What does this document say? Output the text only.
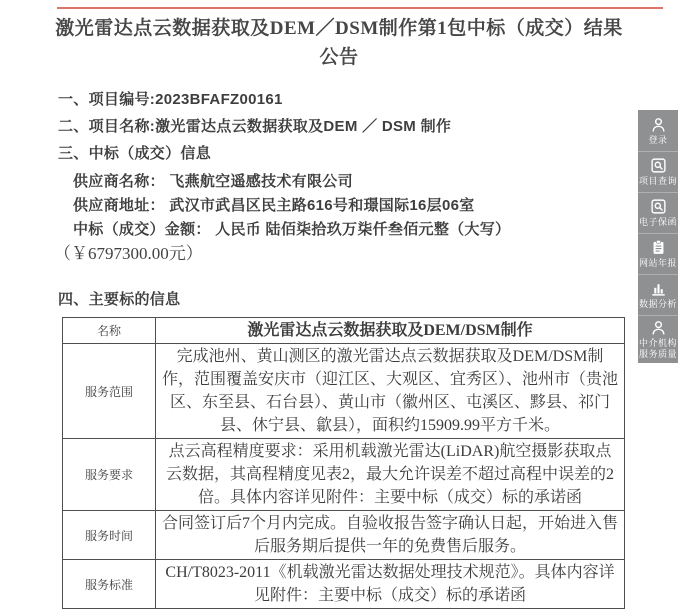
激光雷达点云数据获取及DEM／DSM制作第1包中标（成交）结果
公告
一、项目编号:2023BFAFZ00161
二、项目名称:激光雷达点云数据获取及DEM ／ DSM 制作
三、中标（成交）信息
供应商名称： 飞燕航空遥感技术有限公司
供应商地址： 武汉市武昌区民主路616号和璟国际16层06室
中标（成交）金额： 人民币 陆佰柒拾玖万柒仟叁佰元整（大写）
（￥6797300.00元）
四、主要标的信息
名称	激光雷达点云数据获取及DEM/DSM制作
服务范围	完成池州、黄山测区的激光雷达点云数据获取及DEM/DSM制作，范围覆盖安庆市（迎江区、大观区、宜秀区）、池州市（贵池区、东至县、石台县）、黄山市（徽州区、屯溪区、黟县、祁门县、休宁县、歙县），面积约15909.99平方千米。
服务要求	点云高程精度要求：采用机载激光雷达(LiDAR)航空摄影获取点云数据，其高程精度见表2，最大允许误差不超过高程中误差的2倍。具体内容详见附件：主要中标（成交）标的承诺函
服务时间	合同签订后7个月内完成。自验收报告签字确认日起，开始进入售后服务期后提供一年的免费售后服务。
服务标准	CH/T8023-2011《机载激光雷达数据处理技术规范》。具体内容详见附件：主要中标（成交）标的承诺函
登录
项目查询
电子保函
网站年报
数据分析
中介机构服务质量
